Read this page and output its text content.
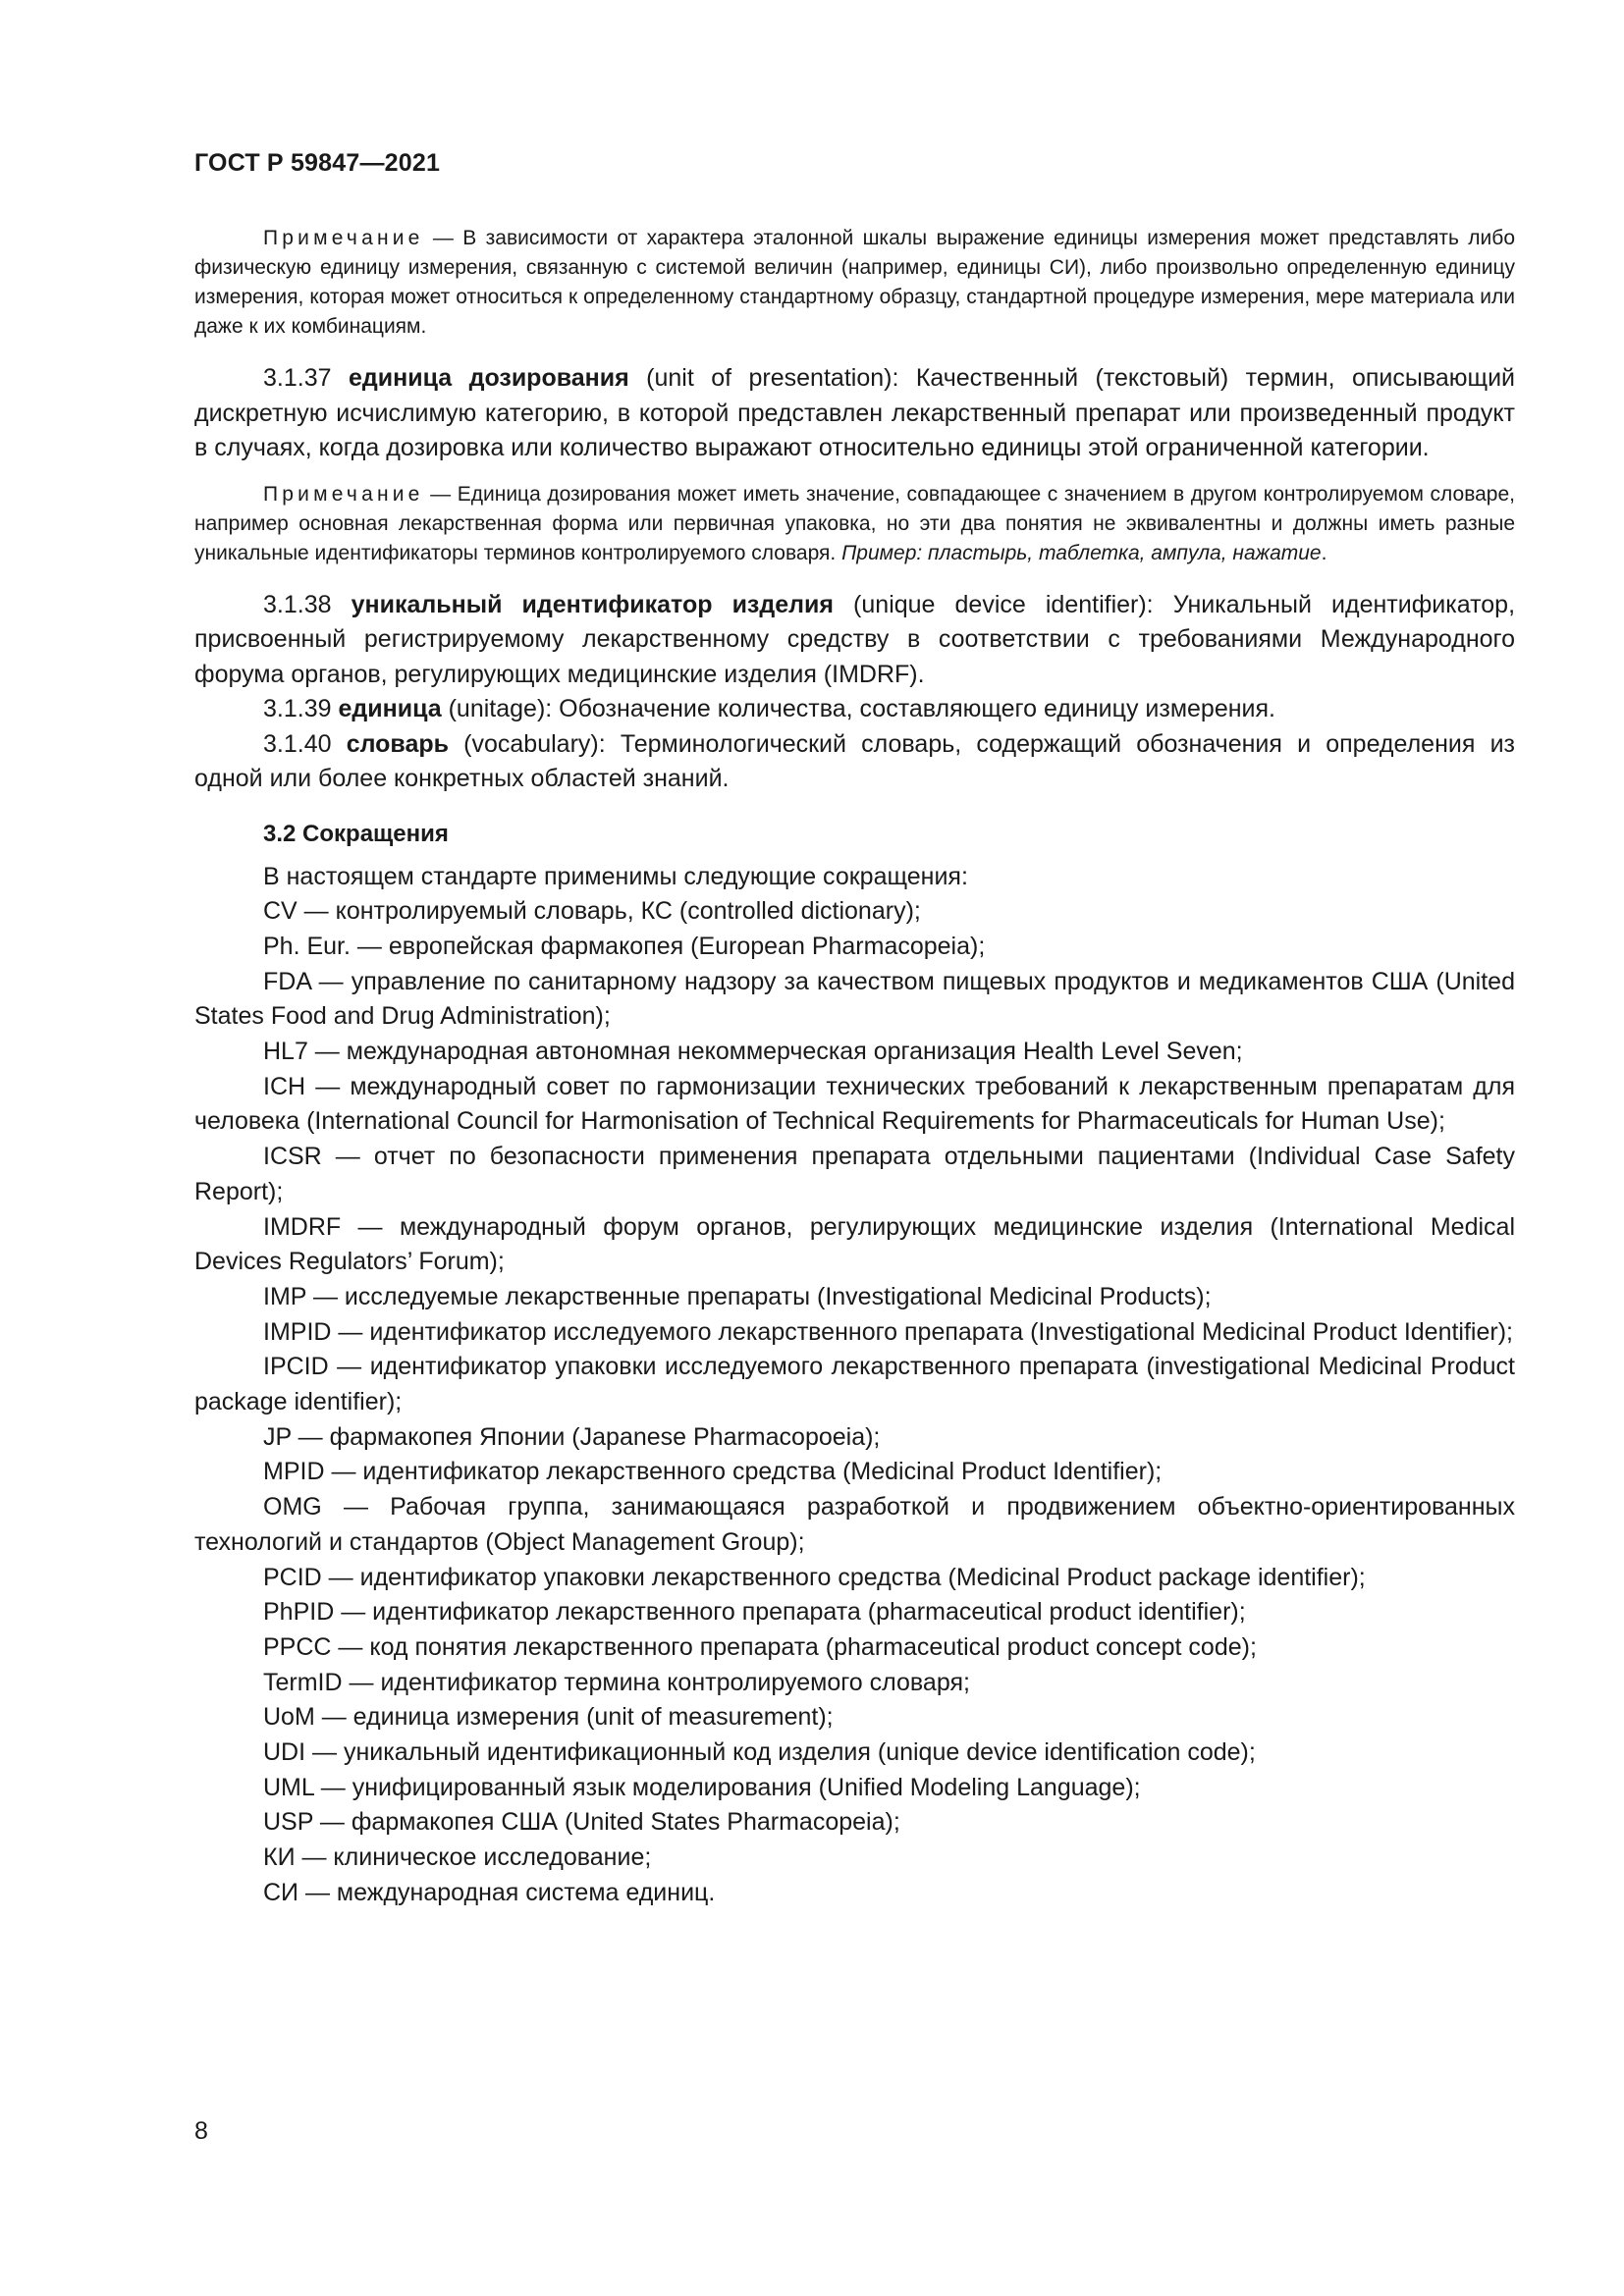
ГОСТ Р 59847—2021

Примечание — В зависимости от характера эталонной шкалы выражение единицы измерения может представлять либо физическую единицу измерения, связанную с системой величин (например, единицы СИ), либо произвольно определенную единицу измерения, которая может относиться к определенному стандартному образцу, стандартной процедуре измерения, мере материала или даже к их комбинациям.

3.1.37 единица дозирования (unit of presentation): Качественный (текстовый) термин, описывающий дискретную исчислимую категорию, в которой представлен лекарственный препарат или произведенный продукт в случаях, когда дозировка или количество выражают относительно единицы этой ограниченной категории.

Примечание — Единица дозирования может иметь значение, совпадающее с значением в другом контролируемом словаре, например основная лекарственная форма или первичная упаковка, но эти два понятия не эквивалентны и должны иметь разные уникальные идентификаторы терминов контролируемого словаря. Пример: пластырь, таблетка, ампула, нажатие.

3.1.38 уникальный идентификатор изделия (unique device identifier): Уникальный идентификатор, присвоенный регистрируемому лекарственному средству в соответствии с требованиями Международного форума органов, регулирующих медицинские изделия (IMDRF).

3.1.39 единица (unitage): Обозначение количества, составляющего единицу измерения.

3.1.40 словарь (vocabulary): Терминологический словарь, содержащий обозначения и определения из одной или более конкретных областей знаний.

3.2 Сокращения

В настоящем стандарте применимы следующие сокращения:

CV — контролируемый словарь, КС (controlled dictionary);

Ph. Eur. — европейская фармакопея (European Pharmacopeia);

FDA — управление по санитарному надзору за качеством пищевых продуктов и медикаментов США (United States Food and Drug Administration);

HL7 — международная автономная некоммерческая организация Health Level Seven;

ICH — международный совет по гармонизации технических требований к лекарственным препаратам для человека (International Council for Harmonisation of Technical Requirements for Pharmaceuticals for Human Use);

ICSR — отчет по безопасности применения препарата отдельными пациентами (Individual Case Safety Report);

IMDRF — международный форум органов, регулирующих медицинские изделия (International Medical Devices Regulators’ Forum);

IMP — исследуемые лекарственные препараты (Investigational Medicinal Products);

IMPID — идентификатор исследуемого лекарственного препарата (Investigational Medicinal Product Identifier);

IPCID — идентификатор упаковки исследуемого лекарственного препарата (investigational Medicinal Product package identifier);

JP — фармакопея Японии (Japanese Pharmacopoeia);

MPID — идентификатор лекарственного средства (Medicinal Product Identifier);

OMG — Рабочая группа, занимающаяся разработкой и продвижением объектно-ориентированных технологий и стандартов (Object Management Group);

PCID — идентификатор упаковки лекарственного средства (Medicinal Product package identifier);

PhPID — идентификатор лекарственного препарата (pharmaceutical product identifier);

PPCC — код понятия лекарственного препарата (pharmaceutical product concept code);

TermID — идентификатор термина контролируемого словаря;

UoM — единица измерения (unit of measurement);

UDI — уникальный идентификационный код изделия (unique device identification code);

UML — унифицированный язык моделирования (Unified Modeling Language);

USP — фармакопея США (United States Pharmacopeia);

КИ — клиническое исследование;

СИ — международная система единиц.

8
